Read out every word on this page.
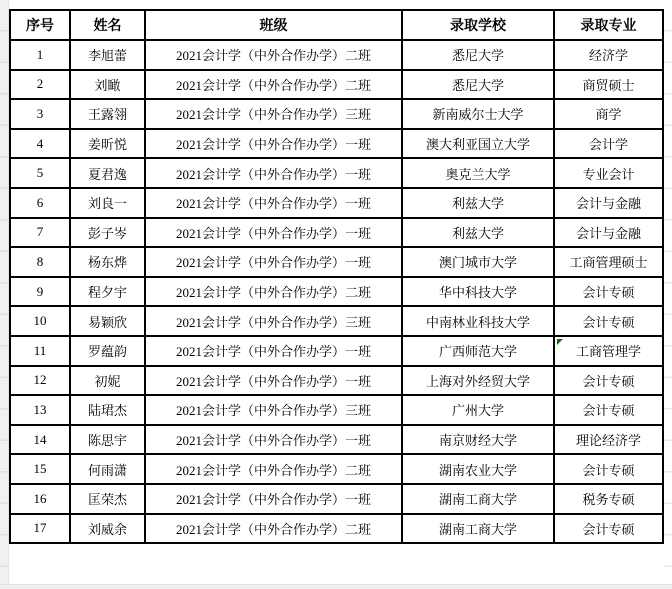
序号	姓名	班级	录取学校	录取专业
1	李旭蕾	2021会计学（中外合作办学）二班	悉尼大学	经济学
2	刘瞰	2021会计学（中外合作办学）二班	悉尼大学	商贸硕士
3	王露翎	2021会计学（中外合作办学）三班	新南威尔士大学	商学
4	姜昕悦	2021会计学（中外合作办学）一班	澳大利亚国立大学	会计学
5	夏君逸	2021会计学（中外合作办学）一班	奥克兰大学	专业会计
6	刘良一	2021会计学（中外合作办学）一班	利兹大学	会计与金融
7	彭子岑	2021会计学（中外合作办学）一班	利兹大学	会计与金融
8	杨东烨	2021会计学（中外合作办学）一班	澳门城市大学	工商管理硕士
9	程夕宇	2021会计学（中外合作办学）二班	华中科技大学	会计专硕
10	易颖欣	2021会计学（中外合作办学）三班	中南林业科技大学	会计专硕
11	罗蕴韵	2021会计学（中外合作办学）一班	广西师范大学	工商管理学
12	初妮	2021会计学（中外合作办学）一班	上海对外经贸大学	会计专硕
13	陆珺杰	2021会计学（中外合作办学）三班	广州大学	会计专硕
14	陈思宇	2021会计学（中外合作办学）一班	南京财经大学	理论经济学
15	何雨潇	2021会计学（中外合作办学）二班	湖南农业大学	会计专硕
16	匡荣杰	2021会计学（中外合作办学）一班	湖南工商大学	税务专硕
17	刘威余	2021会计学（中外合作办学）二班	湖南工商大学	会计专硕
